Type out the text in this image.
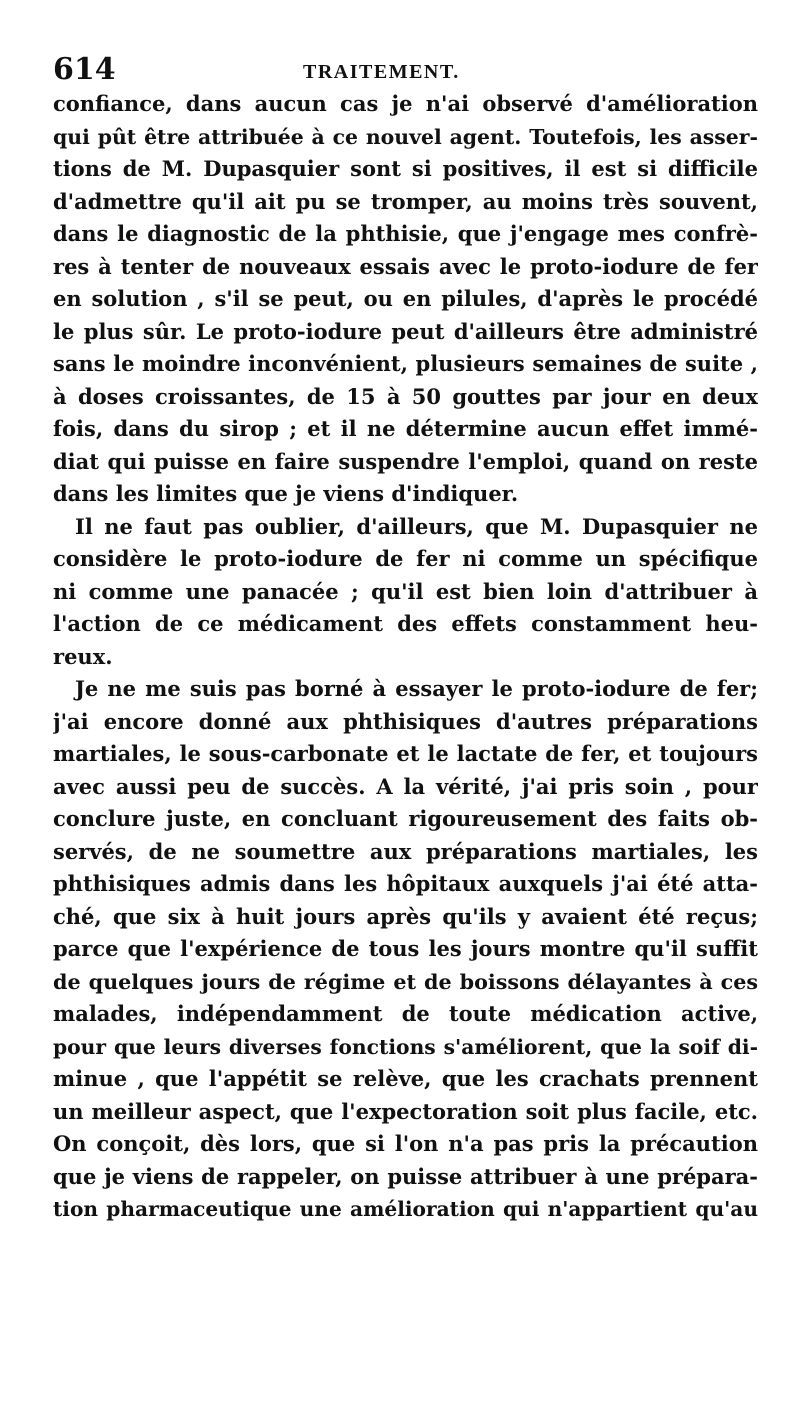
614	TRAITEMENT.
confiance, dans aucun cas je n'ai observé d'amélioration
qui pût être attribuée à ce nouvel agent. Toutefois, les asser-
tions de M. Dupasquier sont si positives, il est si difficile
d'admettre qu'il ait pu se tromper, au moins très souvent,
dans le diagnostic de la phthisie, que j'engage mes confrè-
res à tenter de nouveaux essais avec le proto-iodure de fer
en solution , s'il se peut, ou en pilules, d'après le procédé
le plus sûr. Le proto-iodure peut d'ailleurs être administré
sans le moindre inconvénient, plusieurs semaines de suite ,
à doses croissantes, de 15 à 50 gouttes par jour en deux
fois, dans du sirop ; et il ne détermine aucun effet immé-
diat qui puisse en faire suspendre l'emploi, quand on reste
dans les limites que je viens d'indiquer.
Il ne faut pas oublier, d'ailleurs, que M. Dupasquier ne
considère le proto-iodure de fer ni comme un spécifique
ni comme une panacée ; qu'il est bien loin d'attribuer à
l'action de ce médicament des effets constamment heu-
reux.
Je ne me suis pas borné à essayer le proto-iodure de fer;
j'ai encore donné aux phthisiques d'autres préparations
martiales, le sous-carbonate et le lactate de fer, et toujours
avec aussi peu de succès. A la vérité, j'ai pris soin , pour
conclure juste, en concluant rigoureusement des faits ob-
servés, de ne soumettre aux préparations martiales, les
phthisiques admis dans les hôpitaux auxquels j'ai été atta-
ché, que six à huit jours après qu'ils y avaient été reçus;
parce que l'expérience de tous les jours montre qu'il suffit
de quelques jours de régime et de boissons délayantes à ces
malades, indépendamment de toute médication active,
pour que leurs diverses fonctions s'améliorent, que la soif di-
minue , que l'appétit se relève, que les crachats prennent
un meilleur aspect, que l'expectoration soit plus facile, etc.
On conçoit, dès lors, que si l'on n'a pas pris la précaution
que je viens de rappeler, on puisse attribuer à une prépara-
tion pharmaceutique une amélioration qui n'appartient qu'au
